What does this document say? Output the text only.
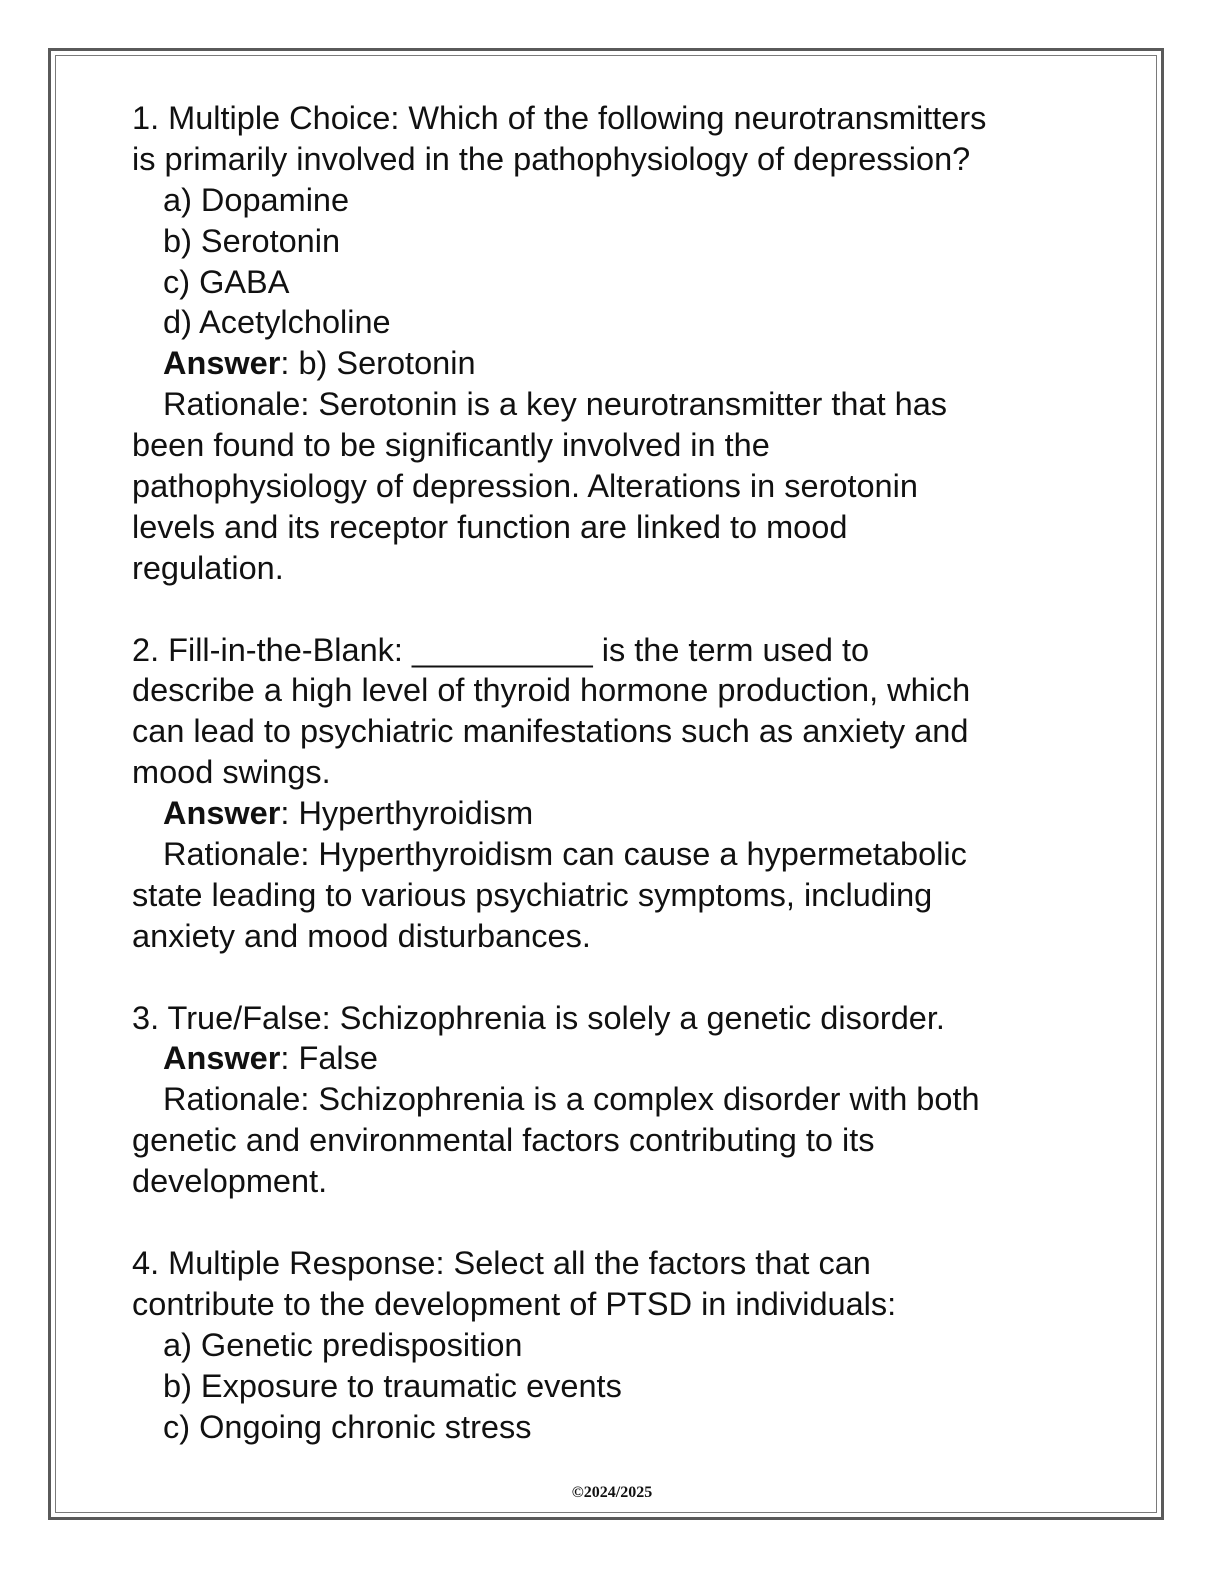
1. Multiple Choice: Which of the following neurotransmitters
is primarily involved in the pathophysiology of depression?
a) Dopamine
b) Serotonin
c) GABA
d) Acetylcholine
Answer: b) Serotonin
Rationale: Serotonin is a key neurotransmitter that has
been found to be significantly involved in the
pathophysiology of depression. Alterations in serotonin
levels and its receptor function are linked to mood
regulation.
2. Fill-in-the-Blank: __________ is the term used to
describe a high level of thyroid hormone production, which
can lead to psychiatric manifestations such as anxiety and
mood swings.
Answer: Hyperthyroidism
Rationale: Hyperthyroidism can cause a hypermetabolic
state leading to various psychiatric symptoms, including
anxiety and mood disturbances.
3. True/False: Schizophrenia is solely a genetic disorder.
Answer: False
Rationale: Schizophrenia is a complex disorder with both
genetic and environmental factors contributing to its
development.
4. Multiple Response: Select all the factors that can
contribute to the development of PTSD in individuals:
a) Genetic predisposition
b) Exposure to traumatic events
c) Ongoing chronic stress
©2024/2025
